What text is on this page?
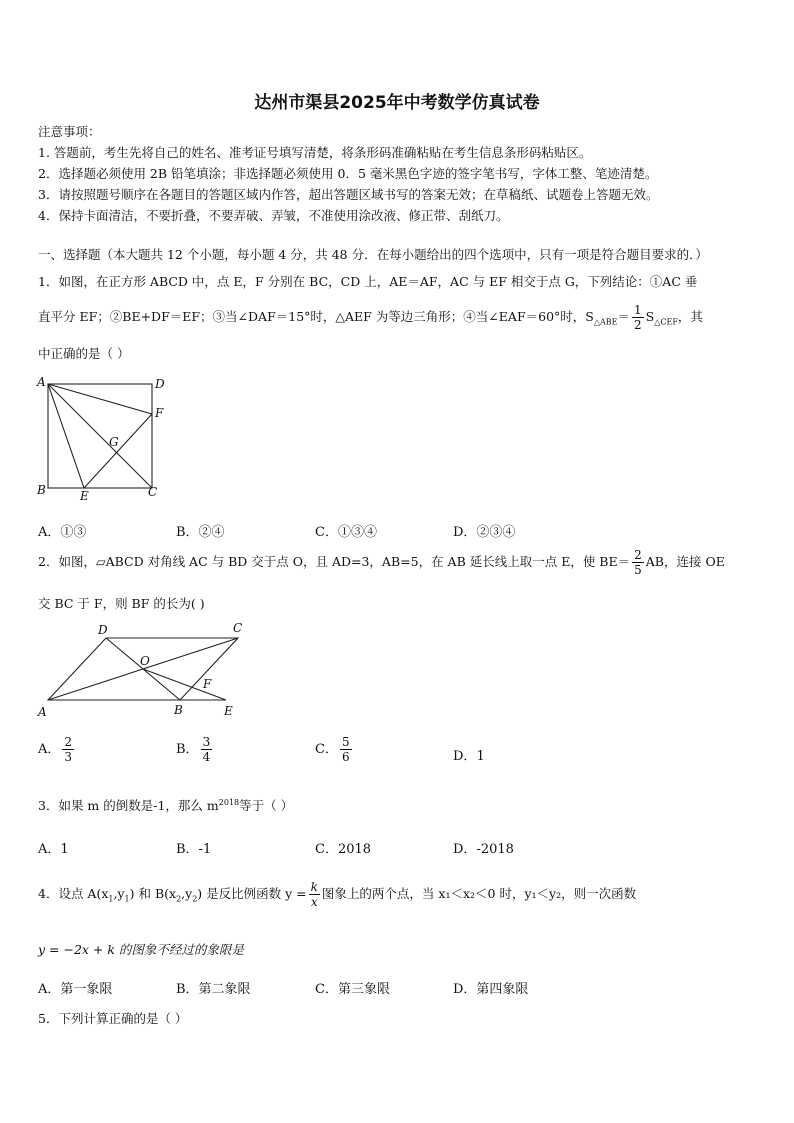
达州市渠县2025年中考数学仿真试卷
注意事项：
1. 答题前，考生先将自己的姓名、准考证号填写清楚，将条形码准确粘贴在考生信息条形码粘贴区。
2．选择题必须使用 2B 铅笔填涂；非选择题必须使用 0．5 毫米黑色字迹的签字笔书写，字体工整、笔迹清楚。
3．请按照题号顺序在各题目的答题区域内作答，超出答题区域书写的答案无效；在草稿纸、试题卷上答题无效。
4．保持卡面清洁，不要折叠，不要弄破、弄皱，不准使用涂改液、修正带、刮纸刀。
一、选择题（本大题共 12 个小题，每小题 4 分，共 48 分．在每小题给出的四个选项中，只有一项是符合题目要求的．）
1．如图，在正方形 ABCD 中，点 E，F 分别在 BC，CD 上，AE＝AF，AC 与 EF 相交于点 G，下列结论：①AC 垂
直平分 EF；②BE+DF＝EF；③当∠DAF＝15°时，△AEF 为等边三角形；④当∠EAF＝60°时，$S_{\triangle ABE}= \frac{1}{2} S_{\triangle CEF}$，其
中正确的是（ ）
A	D
F
G
B	E	C
A．①③	B．②④	C．①③④	D．②③④
2．如图，▱ABCD 对角线 AC 与 BD 交于点 O，且 AD=3，AB=5，在 AB 延长线上取一点 E，使 $BE= \frac{2}{5}$ AB，连接 OE
交 BC 于 F，则 BF 的长为( )
A
D	C
O
F
B	E
A． $\frac{2}{3}$	B． $\frac{3}{4}$	C． $\frac{5}{6}$	D．1
3．如果 m 的倒数是-1，那么 $m^{2018}$等于（ ）
A．1	B．-1	C．2018	D．-2018
4．设点 $A(x_1,y_1)$ 和 $B(x_2,y_2)$ 是反比例函数 $y = \frac{k}{x}$ 图象上的两个点，当 x₁＜x₂＜0 时，y₁＜y₂，则一次函数
y = −2x + k 的图象不经过的象限是
A．第一象限	B．第二象限	C．第三象限	D．第四象限
5．下列计算正确的是（ ）
